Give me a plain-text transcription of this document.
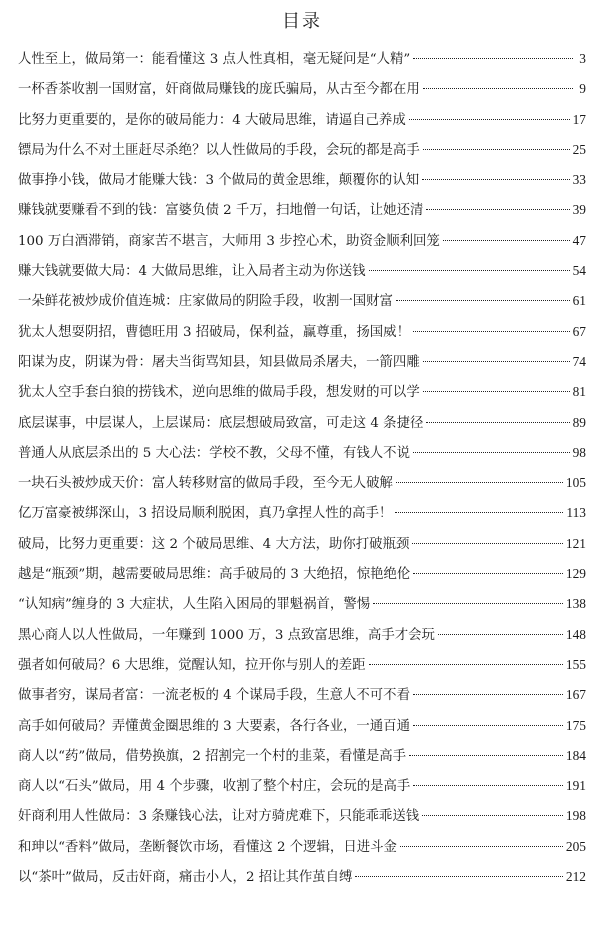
目录
人性至上，做局第一：能看懂这 3 点人性真相，毫无疑问是“人精”	3
一杯香茶收割一国财富，奸商做局赚钱的庞氏骗局，从古至今都在用	9
比努力更重要的，是你的破局能力：4 大破局思维，请逼自己养成	17
镖局为什么不对土匪赶尽杀绝？以人性做局的手段，会玩的都是高手	25
做事挣小钱，做局才能赚大钱：3 个做局的黄金思维，颠覆你的认知	33
赚钱就要赚看不到的钱：富婆负债 2 千万，扫地僧一句话，让她还清	39
100 万白酒滞销，商家苦不堪言，大师用 3 步控心术，助资金顺利回笼	47
赚大钱就要做大局：4 大做局思维，让入局者主动为你送钱	54
一朵鲜花被炒成价值连城：庄家做局的阴险手段，收割一国财富	61
犹太人想耍阴招，曹德旺用 3 招破局，保利益，赢尊重，扬国威！	67
阳谋为皮，阴谋为骨：屠夫当街骂知县，知县做局杀屠夫，一箭四雕	74
犹太人空手套白狼的捞钱术，逆向思维的做局手段，想发财的可以学	81
底层谋事，中层谋人，上层谋局：底层想破局致富，可走这 4 条捷径	89
普通人从底层杀出的 5 大心法：学校不教，父母不懂，有钱人不说	98
一块石头被炒成天价：富人转移财富的做局手段，至今无人破解	105
亿万富豪被绑深山，3 招设局顺利脱困，真乃拿捏人性的高手！	113
破局，比努力更重要：这 2 个破局思维、4 大方法，助你打破瓶颈	121
越是“瓶颈”期，越需要破局思维：高手破局的 3 大绝招，惊艳绝伦	129
“认知病”缠身的 3 大症状，人生陷入困局的罪魁祸首，警惕	138
黑心商人以人性做局，一年赚到 1000 万，3 点致富思维，高手才会玩	148
强者如何破局？6 大思维，觉醒认知，拉开你与别人的差距	155
做事者穷，谋局者富：一流老板的 4 个谋局手段，生意人不可不看	167
高手如何破局？弄懂黄金圈思维的 3 大要素，各行各业，一通百通	175
商人以“药”做局，借势换旗，2 招割完一个村的韭菜，看懂是高手	184
商人以“石头”做局，用 4 个步骤，收割了整个村庄，会玩的是高手	191
奸商利用人性做局：3 条赚钱心法，让对方骑虎难下，只能乖乖送钱	198
和珅以“香料”做局，垄断餐饮市场，看懂这 2 个逻辑，日进斗金	205
以“茶叶”做局，反击奸商，痛击小人，2 招让其作茧自缚	212
